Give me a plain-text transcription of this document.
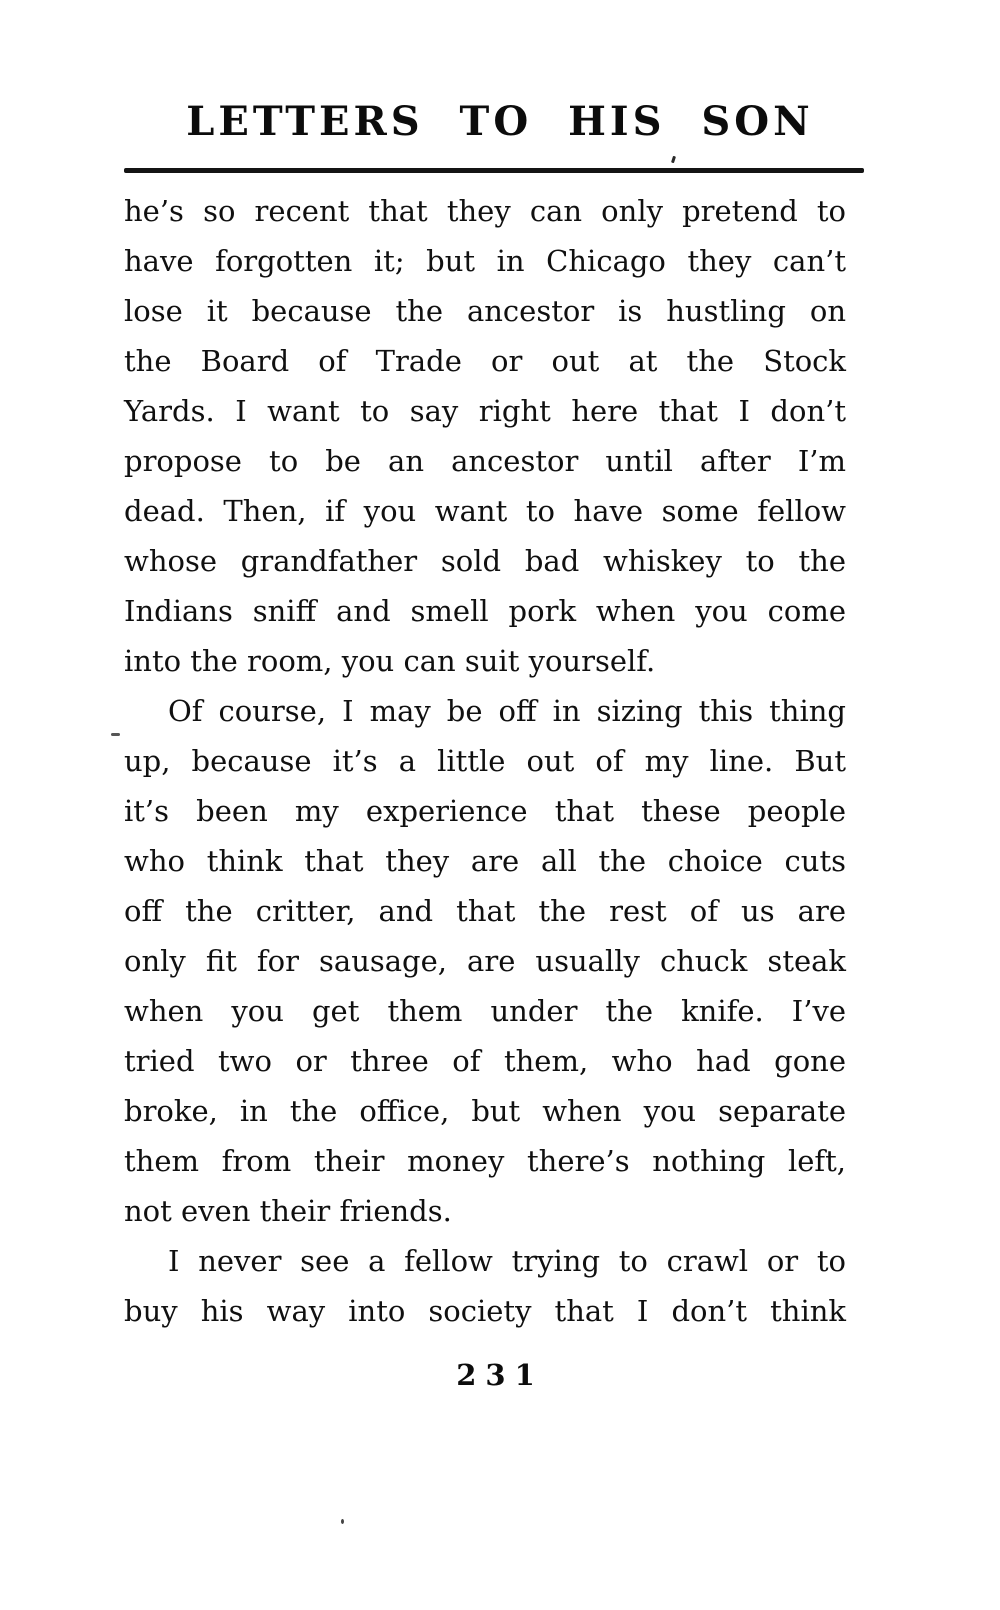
LETTERS TO HIS SON
he’s so recent that they can only pretend to
have forgotten it; but in Chicago they can’t
lose it because the ancestor is hustling on
the Board of Trade or out at the Stock
Yards. I want to say right here that I don’t
propose to be an ancestor until after I’m
dead. Then, if you want to have some fellow
whose grandfather sold bad whiskey to the
Indians sniff and smell pork when you come
into the room, you can suit yourself.
Of course, I may be off in sizing this thing
up, because it’s a little out of my line. But
it’s been my experience that these people
who think that they are all the choice cuts
off the critter, and that the rest of us are
only fit for sausage, are usually chuck steak
when you get them under the knife. I’ve
tried two or three of them, who had gone
broke, in the office, but when you separate
them from their money there’s nothing left,
not even their friends.
I never see a fellow trying to crawl or to
buy his way into society that I don’t think
231
